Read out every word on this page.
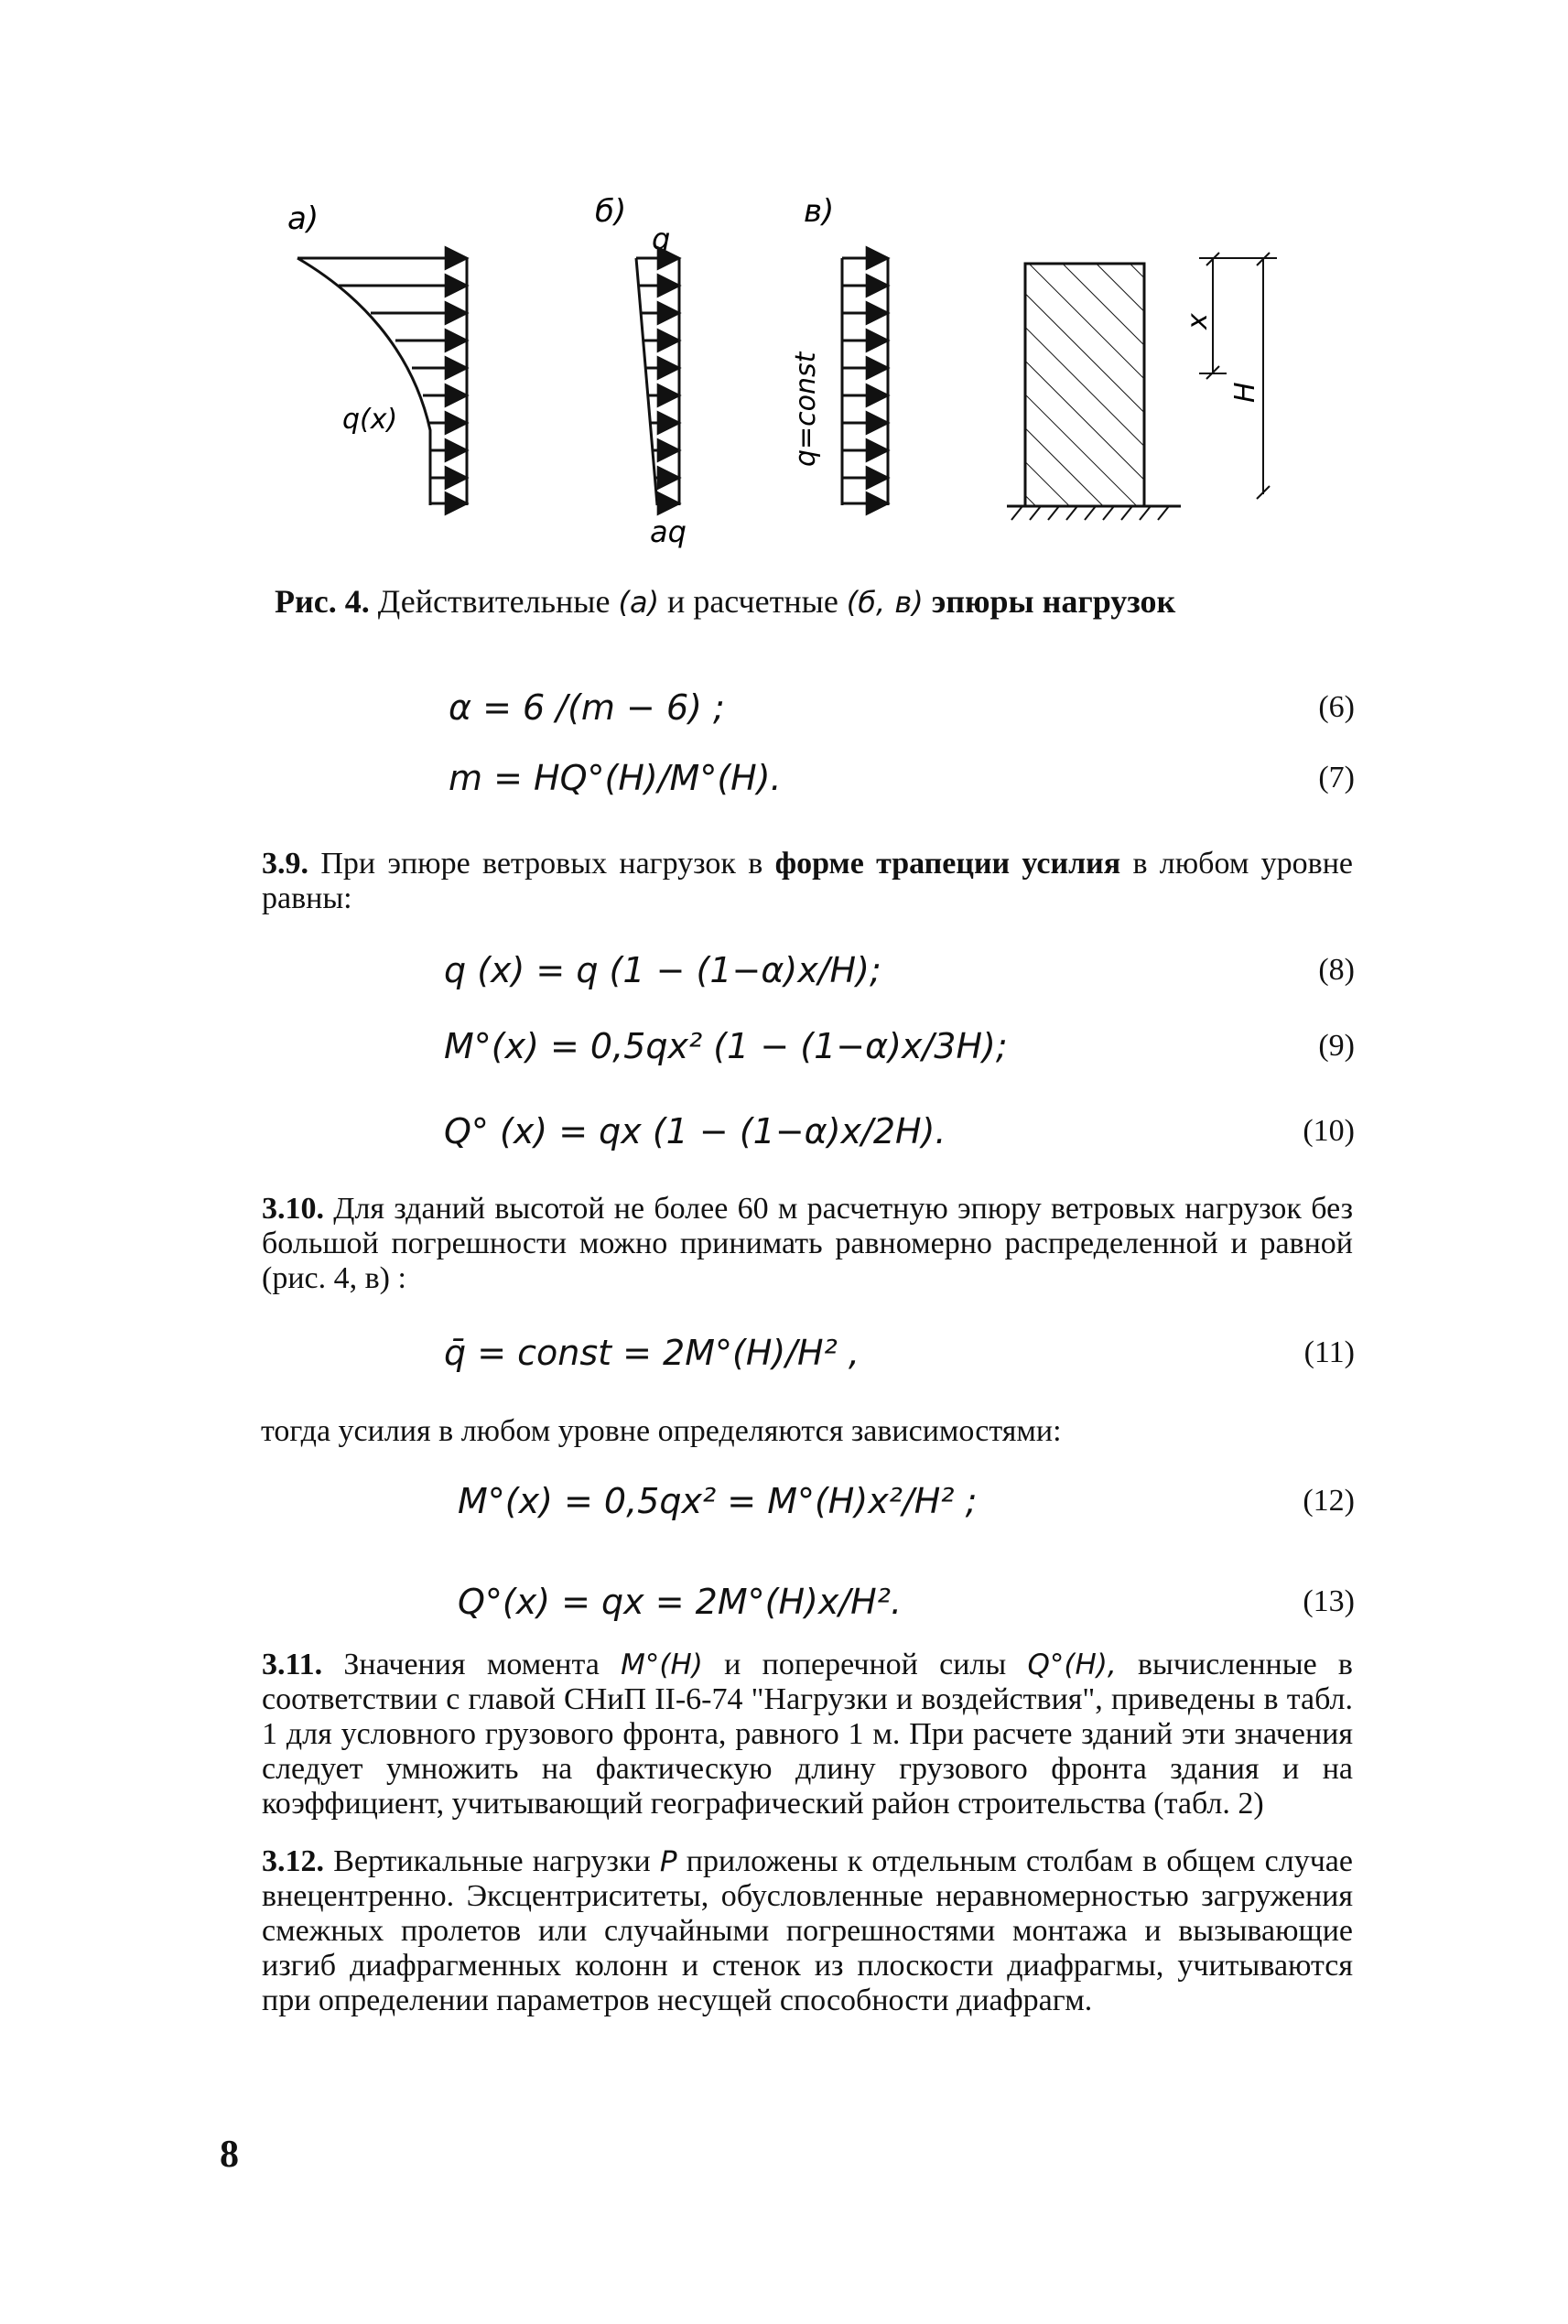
a)
q(x)
б)
q
aq
в)
q=const
x
H
Рис. 4. Действительные (a) и расчетные (б, в) эпюры нагрузок
α = 6 /(m − 6) ;	(6)
m = HQ°(H)/M°(H).	(7)
3.9. При эпюре ветровых нагрузок в форме трапеции усилия в любом уровне равны:
q (x) = q (1 − (1−α)x/H);	(8)
M°(x) = 0,5qx² (1 − (1−α)x/3H);	(9)
Q° (x) = qx (1 − (1−α)x/2H).	(10)
3.10. Для зданий высотой не более 60 м расчетную эпюру ветровых нагрузок без большой погрешности можно принимать равномерно распределенной и равной (рис. 4, в) :
q̄ = const = 2M°(H)/H² ,	(11)
тогда усилия в любом уровне определяются зависимостями:
M°(x) = 0,5qx² = M°(H)x²/H² ;	(12)
Q°(x) = qx = 2M°(H)x/H².	(13)
3.11. Значения момента M°(H) и поперечной силы Q°(H), вычисленные в соответствии с главой СНиП II-6-74 "Нагрузки и воздействия", приведены в табл. 1 для условного грузового фронта, равного 1 м. При расчете зданий эти значения следует умножить на фактическую длину грузового фронта здания и на коэффициент, учитывающий географический район строительства (табл. 2)
3.12. Вертикальные нагрузки P приложены к отдельным столбам в общем случае внецентренно. Эксцентриситеты, обусловленные неравномерностью загружения смежных пролетов или случайными погрешностями монтажа и вызывающие изгиб диафрагменных колонн и стенок из плоскости диафрагмы, учитываются при определении параметров несущей способности диафрагм.
8
